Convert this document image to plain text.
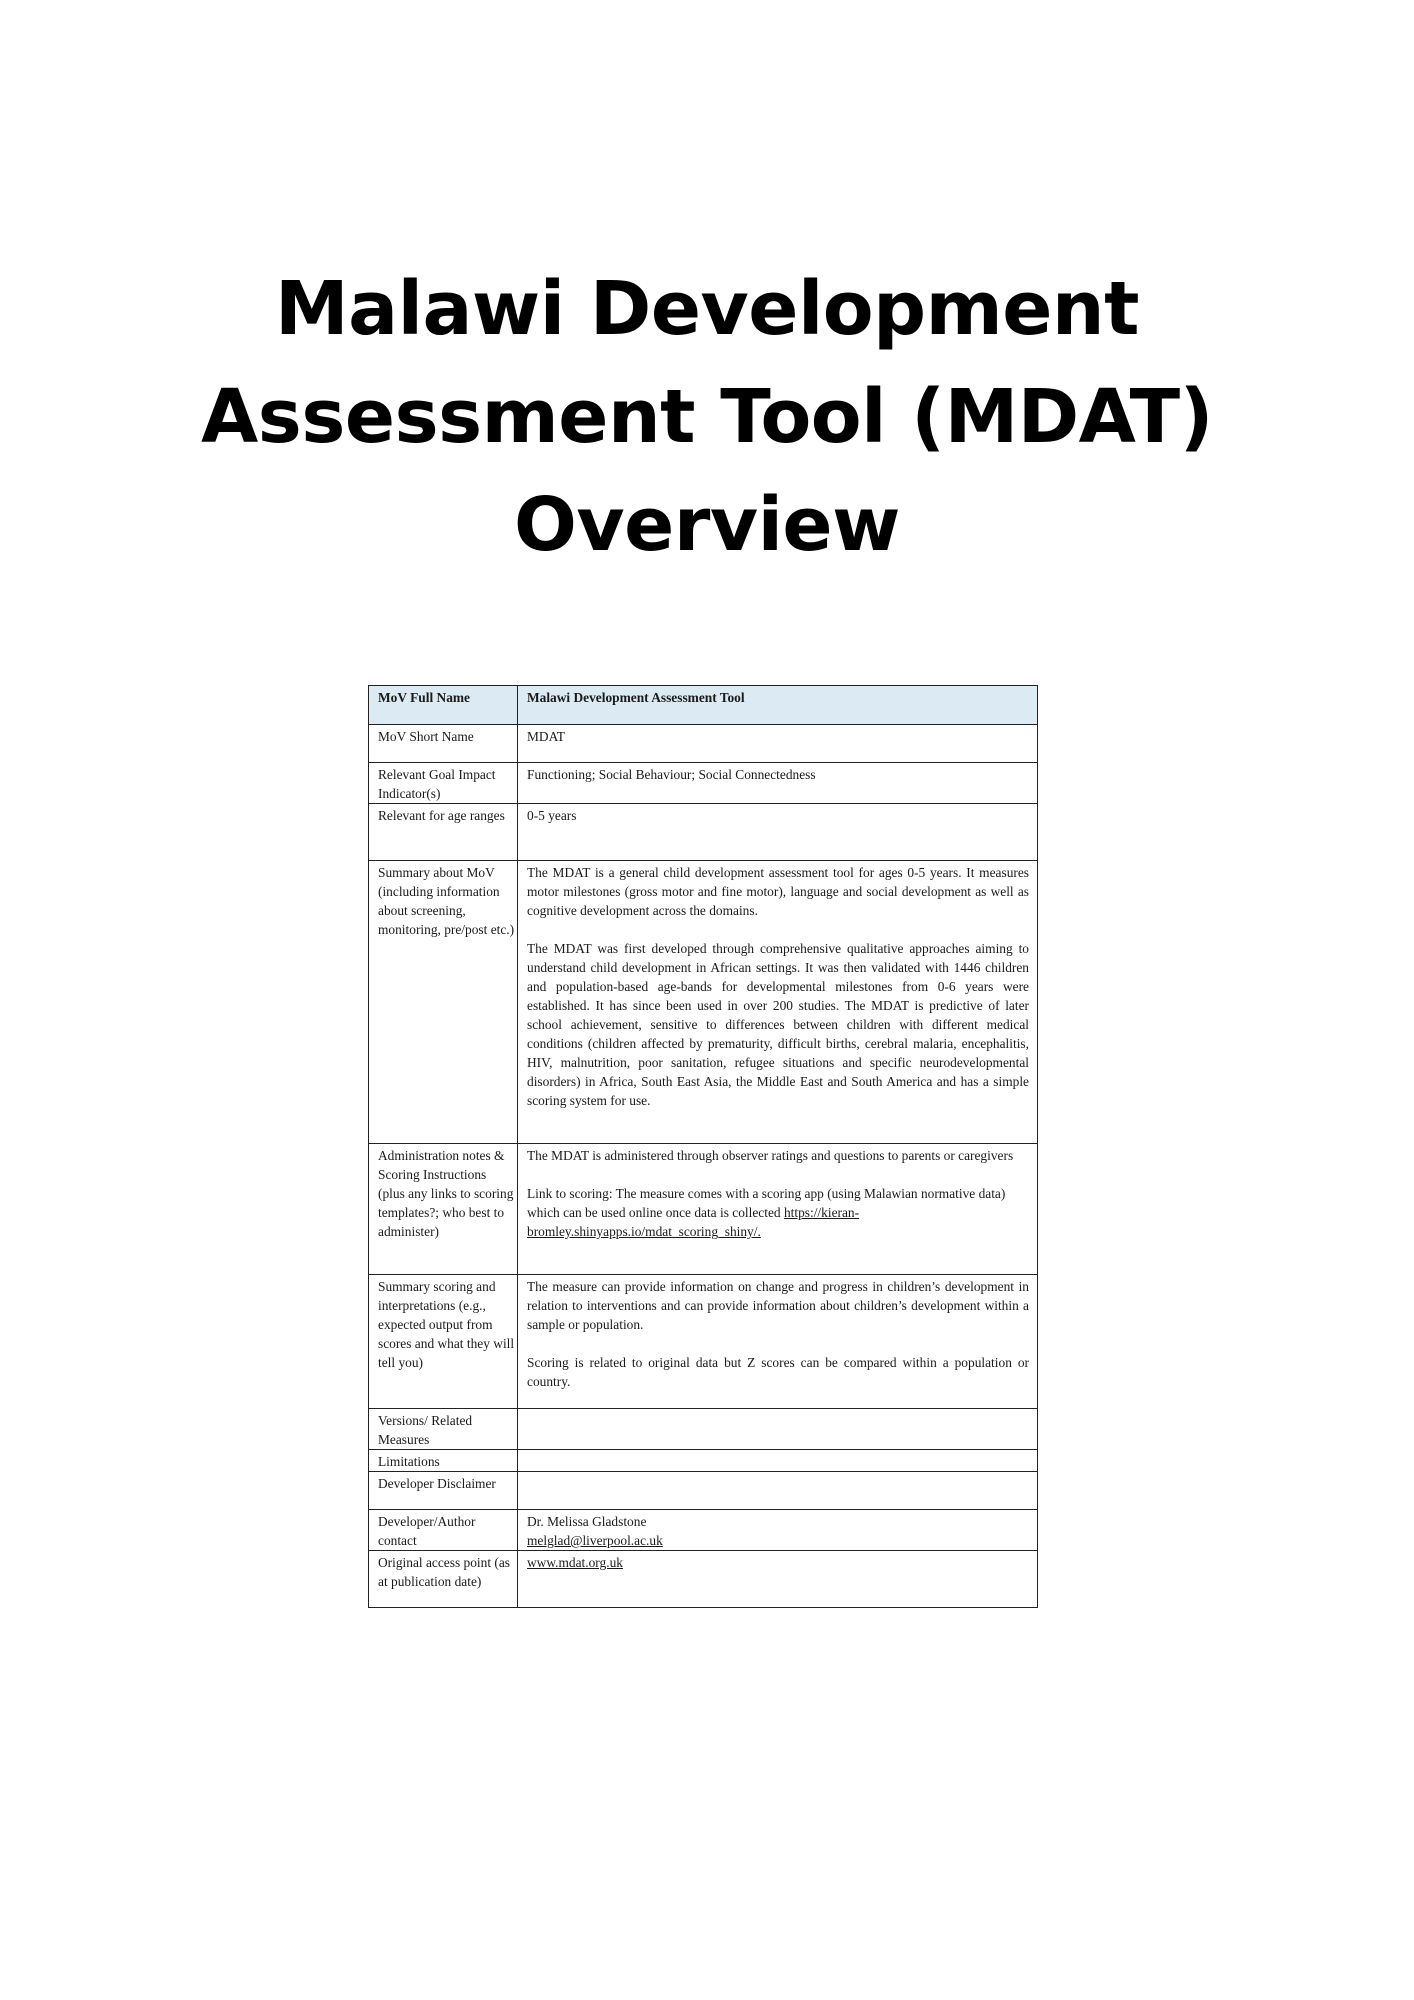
Malawi Development
Assessment Tool (MDAT)
Overview
MoV Full Name	Malawi Development Assessment Tool
MoV Short Name	MDAT
Relevant Goal Impact Indicator(s)	Functioning; Social Behaviour; Social Connectedness
Relevant for age ranges	0-5 years
Summary about MoV (including information about screening, monitoring, pre/post etc.)	The MDAT is a general child development assessment tool for ages 0-5 years. It measures motor milestones (gross motor and fine motor), language and social development as well as cognitive development across the domains.

The MDAT was first developed through comprehensive qualitative approaches aiming to understand child development in African settings. It was then validated with 1446 children and population-based age-bands for developmental milestones from 0-6 years were established. It has since been used in over 200 studies. The MDAT is predictive of later school achievement, sensitive to differences between children with different medical conditions (children affected by prematurity, difficult births, cerebral malaria, encephalitis, HIV, malnutrition, poor sanitation, refugee situations and specific neurodevelopmental disorders) in Africa, South East Asia, the Middle East and South America and has a simple scoring system for use.

Administration notes & Scoring Instructions (plus any links to scoring templates?; who best to administer)	The MDAT is administered through observer ratings and questions to parents or caregivers

Link to scoring: The measure comes with a scoring app (using Malawian normative data) which can be used online once data is collected https://kieran-bromley.shinyapps.io/mdat_scoring_shiny/.

Summary scoring and interpretations (e.g., expected output from scores and what they will tell you)	The measure can provide information on change and progress in children’s development in relation to interventions and can provide information about children’s development within a sample or population.

Scoring is related to original data but Z scores can be compared within a population or country.

Versions/ Related Measures	
Limitations	
Developer Disclaimer	
Developer/Author contact	Dr. Melissa Gladstone

melglad@liverpool.ac.uk

Original access point (as at publication date)	www.mdat.org.uk
